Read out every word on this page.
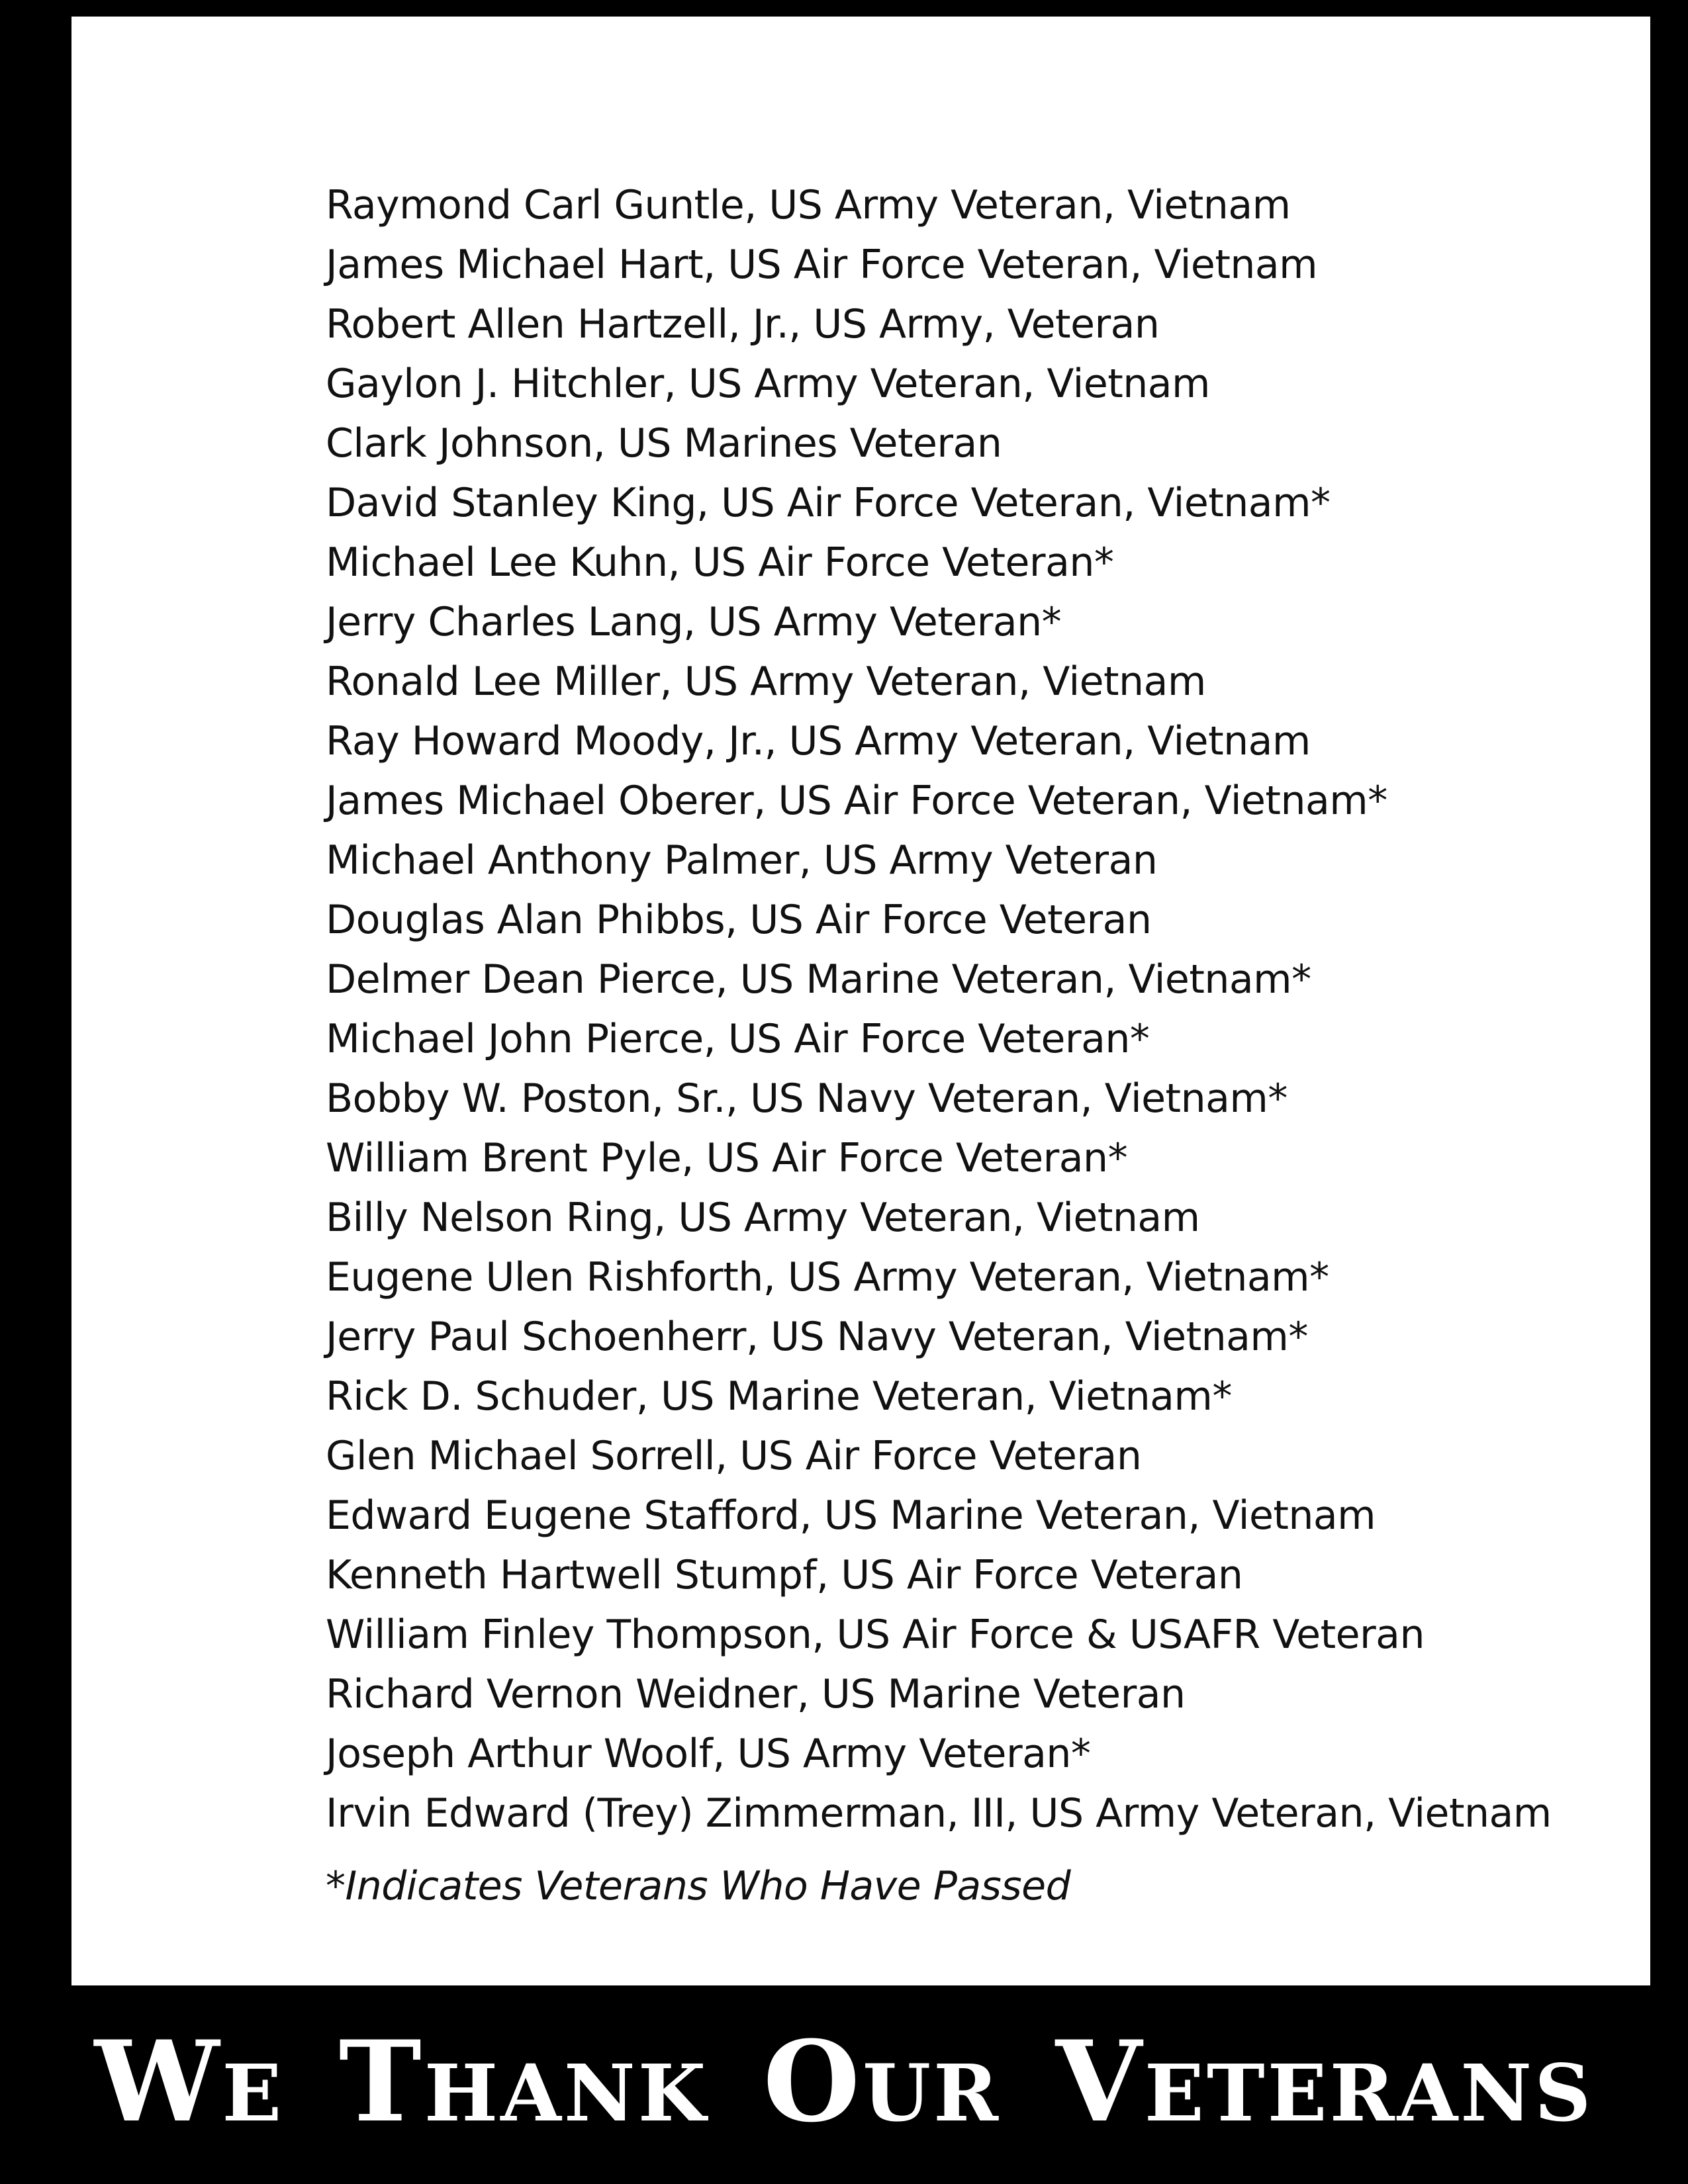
Raymond Carl Guntle, US Army Veteran, Vietnam
James Michael Hart, US Air Force Veteran, Vietnam
Robert Allen Hartzell, Jr., US Army, Veteran
Gaylon J. Hitchler, US Army Veteran, Vietnam
Clark Johnson, US Marines Veteran
David Stanley King, US Air Force Veteran, Vietnam*
Michael Lee Kuhn, US Air Force Veteran*
Jerry Charles Lang, US Army Veteran*
Ronald Lee Miller, US Army Veteran, Vietnam
Ray Howard Moody, Jr., US Army Veteran, Vietnam
James Michael Oberer, US Air Force Veteran, Vietnam*
Michael Anthony Palmer, US Army Veteran
Douglas Alan Phibbs, US Air Force Veteran
Delmer Dean Pierce, US Marine Veteran, Vietnam*
Michael John Pierce, US Air Force Veteran*
Bobby W. Poston, Sr., US Navy Veteran, Vietnam*
William Brent Pyle, US Air Force Veteran*
Billy Nelson Ring, US Army Veteran, Vietnam
Eugene Ulen Rishforth, US Army Veteran, Vietnam*
Jerry Paul Schoenherr, US Navy Veteran, Vietnam*
Rick D. Schuder, US Marine Veteran, Vietnam*
Glen Michael Sorrell, US Air Force Veteran
Edward Eugene Stafford, US Marine Veteran, Vietnam
Kenneth Hartwell Stumpf, US Air Force Veteran
William Finley Thompson, US Air Force & USAFR Veteran
Richard Vernon Weidner, US Marine Veteran
Joseph Arthur Woolf, US Army Veteran*
Irvin Edward (Trey) Zimmerman, III, US Army Veteran, Vietnam
*Indicates Veterans Who Have Passed
We Thank Our Veterans
